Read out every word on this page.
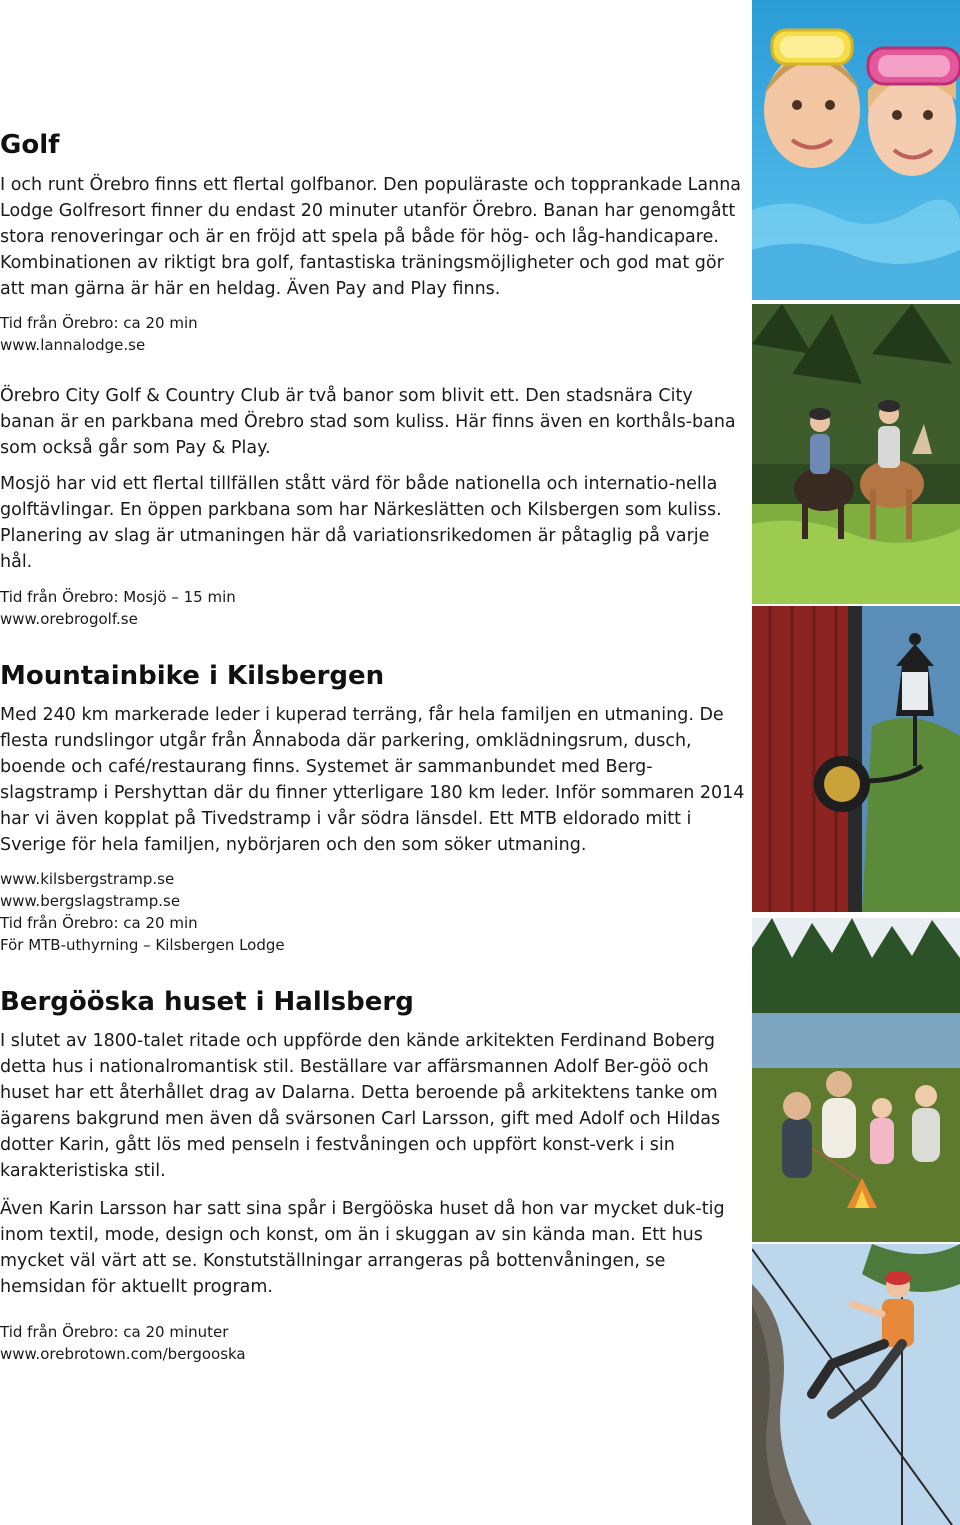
Golf

I och runt Örebro finns ett flertal golfbanor. Den populäraste och topprankade Lanna Lodge Golfresort finner du endast 20 minuter utanför Örebro. Banan har genomgått stora renoveringar och är en fröjd att spela på både för hög- och låg-handicapare. Kombinationen av riktigt bra golf, fantastiska träningsmöjligheter och god mat gör att man gärna är här en heldag. Även Pay and Play finns.

Tid från Örebro: ca 20 min

www.lannalodge.se

Örebro City Golf & Country Club är två banor som blivit ett. Den stadsnära City banan är en parkbana med Örebro stad som kuliss. Här finns även en korthåls-bana som också går som Pay & Play.

Mosjö har vid ett flertal tillfällen stått värd för både nationella och internatio-nella golftävlingar. En öppen parkbana som har Närkeslätten och Kilsbergen som kuliss. Planering av slag är utmaningen här då variationsrikedomen är påtaglig på varje hål.

Tid från Örebro: Mosjö – 15 min

www.orebrogolf.se

Mountainbike i Kilsbergen

Med 240 km markerade leder i kuperad terräng, får hela familjen en utmaning. De flesta rundslingor utgår från Ånnaboda där parkering, omklädningsrum, dusch, boende och café/restaurang finns. Systemet är sammanbundet med Berg-slagstramp i Pershyttan där du finner ytterligare 180 km leder. Inför sommaren 2014 har vi även kopplat på Tivedstramp i vår södra länsdel. Ett MTB eldorado mitt i Sverige för hela familjen, nybörjaren och den som söker utmaning.

www.kilsbergstramp.se

www.bergslagstramp.se

Tid från Örebro: ca 20 min

För MTB-uthyrning – Kilsbergen Lodge

Bergööska huset i Hallsberg

I slutet av 1800-talet ritade och uppförde den kände arkitekten Ferdinand Boberg detta hus i nationalromantisk stil. Beställare var affärsmannen Adolf Ber-göö och huset har ett återhållet drag av Dalarna. Detta beroende på arkitektens tanke om ägarens bakgrund men även då svärsonen Carl Larsson, gift med Adolf och Hildas dotter Karin, gått lös med penseln i festvåningen och uppfört konst-verk i sin karakteristiska stil.

Även Karin Larsson har satt sina spår i Bergööska huset då hon var mycket duk-tig inom textil, mode, design och konst, om än i skuggan av sin kända man. Ett hus mycket väl värt att se. Konstutställningar arrangeras på bottenvåningen, se hemsidan för aktuellt program.

Tid från Örebro: ca 20 minuter

www.orebrotown.com/bergooska
